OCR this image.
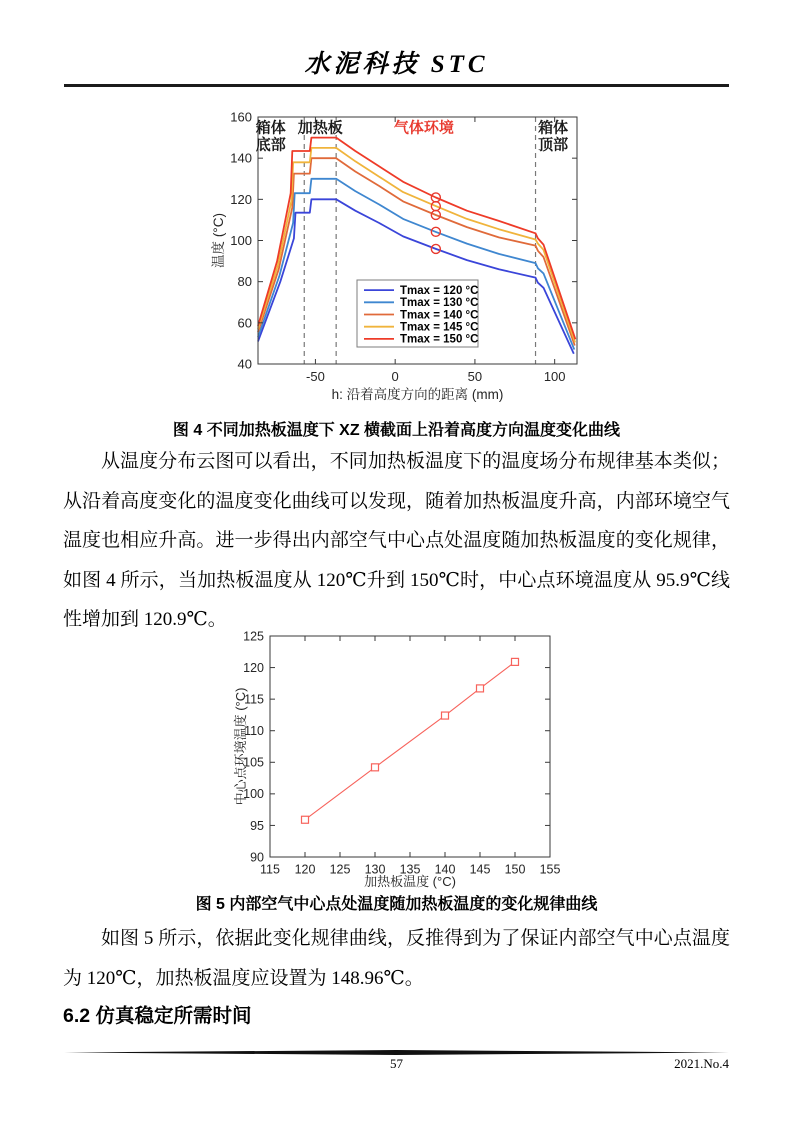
水泥科技 STC
-50	0	50	100
40
60
80
100
120
140
160
h: 沿着高度方向的距离 (mm)
温度 (°C)
箱体底部
加热板	气体环境	箱体顶部
Tmax = 120 °C
Tmax = 130 °C
Tmax = 140 °C
Tmax = 145 °C
Tmax = 150 °C
图 4 不同加热板温度下 XZ 横截面上沿着高度方向温度变化曲线
从温度分布云图可以看出，不同加热板温度下的温度场分布规律基本类似；
从沿着高度变化的温度变化曲线可以发现，随着加热板温度升高，内部环境空气
温度也相应升高。进一步得出内部空气中心点处温度随加热板温度的变化规律，
如图 4 所示，当加热板温度从 120℃升到 150℃时，中心点环境温度从 95.9℃线
性增加到 120.9℃。
115 120 125 130 135 140 145 150 155
90
95
100
105
110
115
120
125
加热板温度 (°C)
中心点环境温度 (°C)
图 5 内部空气中心点处温度随加热板温度的变化规律曲线
如图 5 所示，依据此变化规律曲线，反推得到为了保证内部空气中心点温度
为 120℃，加热板温度应设置为 148.96℃。
6.2 仿真稳定所需时间
57	2021.No.4
